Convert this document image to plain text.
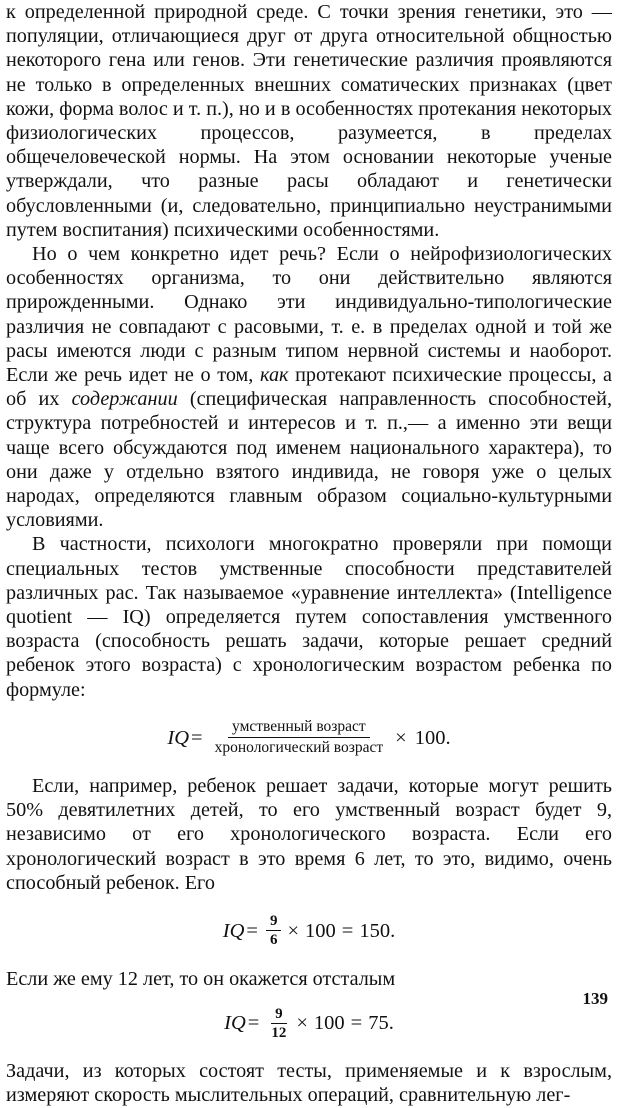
к определенной природной среде. С точки зрения генетики, это — популяции, отличающиеся друг от друга относительной общностью некоторого гена или генов. Эти генетические различия проявляются не только в определенных внешних соматических признаках (цвет кожи, форма волос и т. п.), но и в особенностях протекания некоторых физиологических процессов, разумеется, в пределах общечеловеческой нормы. На этом основании некоторые ученые утверждали, что разные расы обладают и генетически обусловленными (и, следовательно, принципиально неустранимыми путем воспитания) психическими особенностями.

Но о чем конкретно идет речь? Если о нейрофизиологических особенностях организма, то они действительно являются прирожденными. Однако эти индивидуально-типологические различия не совпадают с расовыми, т. е. в пределах одной и той же расы имеются люди с разным типом нервной системы и наоборот. Если же речь идет не о том, как протекают психические процессы, а об их содержании (специфическая направленность способностей, структура потребностей и интересов и т. п.,— а именно эти вещи чаще всего обсуждаются под именем национального характера), то они даже у отдельно взятого индивида, не говоря уже о целых народах, определяются главным образом социально-культурными условиями.

В частности, психологи многократно проверяли при помощи специальных тестов умственные способности представителей различных рас. Так называемое «уравнение интеллекта» (Intelligence quotient — IQ) определяется путем сопоставления умственного возраста (способность решать задачи, которые решает средний ребенок этого возраста) с хронологическим возрастом ребенка по формуле:

IQ = $\frac{\text{умственный возраст}}{\text{хронологический возраст}} \times 100$ .

Если, например, ребенок решает задачи, которые могут решить 50% девятилетних детей, то его умственный возраст будет 9, независимо от его хронологического возраста. Если его хронологический возраст в это время 6 лет, то это, видимо, очень способный ребенок. Его

IQ = $\frac{9}{6} \times 100 = 150$ .

Если же ему 12 лет, то он окажется отсталым

IQ = $\frac{9}{12} \times 100 = 75$ .

Задачи, из которых состоят тесты, применяемые и к взрослым, измеряют скорость мыслительных операций, сравнительную лег-

139
